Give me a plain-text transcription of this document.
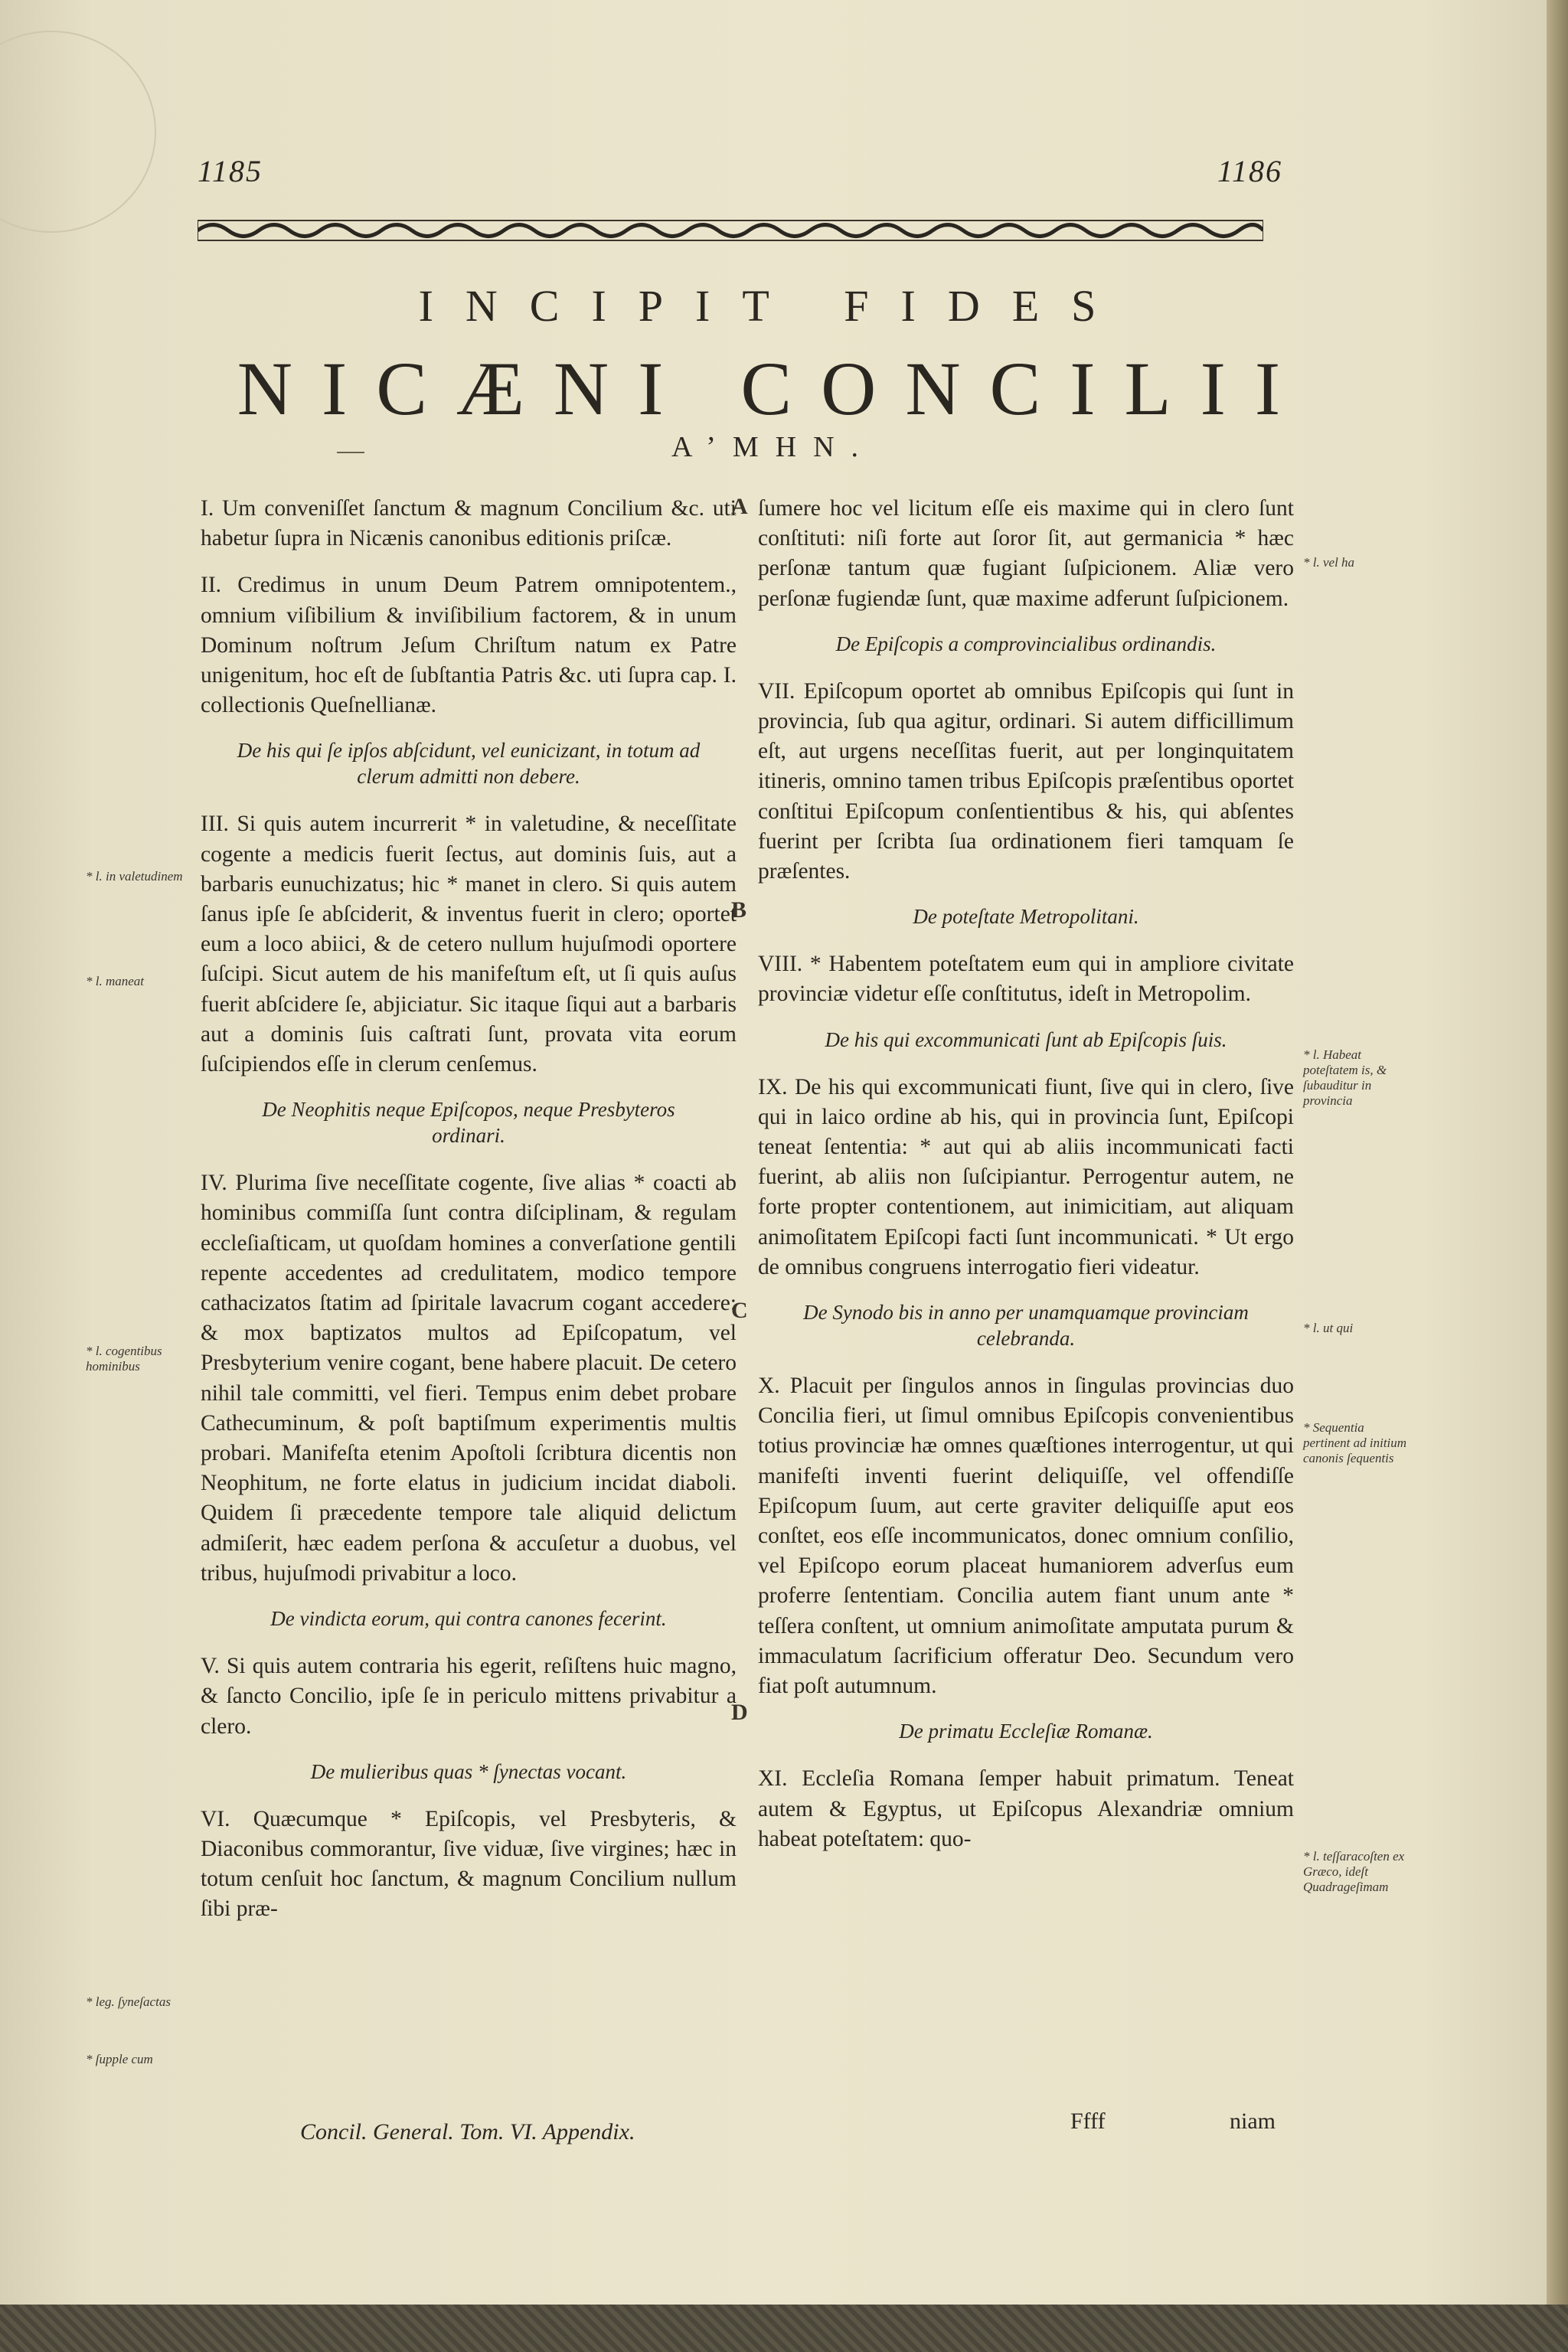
1185	1186
INCIPIT FIDES
NICÆNI CONCILII
A’MHN.

I. Um conveniſſet ſanctum & magnum Concilium &c. uti habetur ſupra in Nicænis canonibus editionis priſcæ.

II. Credimus in unum Deum Patrem omnipotentem., omnium viſibilium & inviſibilium factorem, & in unum Dominum noſtrum Jeſum Chriſtum natum ex Patre unigenitum, hoc eſt de ſubſtantia Patris &c. uti ſupra cap. I. collectionis Queſnellianæ.

De his qui ſe ipſos abſcidunt, vel eunicizant, in totum ad clerum admitti non debere.

III. Si quis autem incurrerit * in valetudine, & neceſſitate cogente a medicis fuerit ſectus, aut dominis ſuis, aut a barbaris eunuchizatus; hic * manet in clero. Si quis autem ſanus ipſe ſe abſciderit, & inventus fuerit in clero; oportet eum a loco abiici, & de cetero nullum hujuſmodi oportere ſuſcipi. Sicut autem de his manifeſtum eſt, ut ſi quis auſus fuerit abſcidere ſe, abjiciatur. Sic itaque ſiqui aut a barbaris aut a dominis ſuis caſtrati ſunt, provata vita eorum ſuſcipiendos eſſe in clerum cenſemus.

De Neophitis neque Epiſcopos, neque Presbyteros ordinari.

IV. Plurima ſive neceſſitate cogente, ſive alias * coacti ab hominibus commiſſa ſunt contra diſciplinam, & regulam eccleſiaſticam, ut quoſdam homines a converſatione gentili repente accedentes ad credulitatem, modico tempore cathacizatos ſtatim ad ſpiritale lavacrum cogant accedere: & mox baptizatos multos ad Epiſcopatum, vel Presbyterium venire cogant, bene habere placuit. De cetero nihil tale committi, vel fieri. Tempus enim debet probare Cathecuminum, & poſt baptiſmum experimentis multis probari. Manifeſta etenim Apoſtoli ſcribtura dicentis non Neophitum, ne forte elatus in judicium incidat diaboli. Quidem ſi præcedente tempore tale aliquid delictum admiſerit, hæc eadem perſona & accuſetur a duobus, vel tribus, hujuſmodi privabitur a loco.

De vindicta eorum, qui contra canones fecerint.

V. Si quis autem contraria his egerit, reſiſtens huic magno, & ſancto Concilio, ipſe ſe in periculo mittens privabitur a clero.

De mulieribus quas * ſynectas vocant.

VI. Quæcumque * Epiſcopis, vel Presbyteris, & Diaconibus commorantur, ſive viduæ, ſive virgines; hæc in totum cenſuit hoc ſanctum, & magnum Concilium nullum ſibi præ-

ſumere hoc vel licitum eſſe eis maxime qui in clero ſunt conſtituti: niſi forte aut ſoror ſit, aut germanicia * hæc perſonæ tantum quæ fugiant ſuſpicionem. Aliæ vero perſonæ fugiendæ ſunt, quæ maxime adferunt ſuſpicionem.

De Epiſcopis a comprovincialibus ordinandis.

VII. Epiſcopum oportet ab omnibus Epiſcopis qui ſunt in provincia, ſub qua agitur, ordinari. Si autem difficillimum eſt, aut urgens neceſſitas fuerit, aut per longinquitatem itineris, omnino tamen tribus Epiſcopis præſentibus oportet conſtitui Epiſcopum conſentientibus & his, qui abſentes fuerint per ſcribta ſua ordinationem fieri tamquam ſe præſentes.

De poteſtate Metropolitani.

VIII. * Habentem poteſtatem eum qui in ampliore civitate provinciæ videtur eſſe conſtitutus, ideſt in Metropolim.

De his qui excommunicati ſunt ab Epiſcopis ſuis.

IX. De his qui excommunicati fiunt, ſive qui in clero, ſive qui in laico ordine ab his, qui in provincia ſunt, Epiſcopi teneat ſententia: * aut qui ab aliis incommunicati facti fuerint, ab aliis non ſuſcipiantur. Perrogentur autem, ne forte propter contentionem, aut inimicitiam, aut aliquam animoſitatem Epiſcopi facti ſunt incommunicati. * Ut ergo de omnibus congruens interrogatio fieri videatur.

De Synodo bis in anno per unamquamque provinciam celebranda.

X. Placuit per ſingulos annos in ſingulas provincias duo Concilia fieri, ut ſimul omnibus Epiſcopis convenientibus totius provinciæ hæ omnes quæſtiones interrogentur, ut qui manifeſti inventi fuerint deliquiſſe, vel offendiſſe Epiſcopum ſuum, aut certe graviter deliquiſſe aput eos conſtet, eos eſſe incommunicatos, donec omnium conſilio, vel Epiſcopo eorum placeat humaniorem adverſus eum proferre ſententiam. Concilia autem fiant unum ante * teſſera conſtent, ut omnium animoſitate amputata purum & immaculatum ſacrificium offeratur Deo. Secundum vero fiat poſt autumnum.

De primatu Eccleſiæ Romanæ.

XI. Eccleſia Romana ſemper habuit primatum. Teneat autem & Egyptus, ut Epiſcopus Alexandriæ omnium habeat poteſtatem: quo-

A
B
C
D
* l. in valetudinem
* l. maneat
* l. cogentibus hominibus
* leg. ſyneſactas
* ſupple cum
* l. vel ha
* l. Habeat poteſtatem is, & ſubauditur in provincia
* l. ut qui
* Sequentia pertinent ad initium canonis ſequentis
* l. teſſaracoſten ex Græco, ideſt Quadrageſimam
Concil. General. Tom. VI. Appendix.	Ffff	niam
